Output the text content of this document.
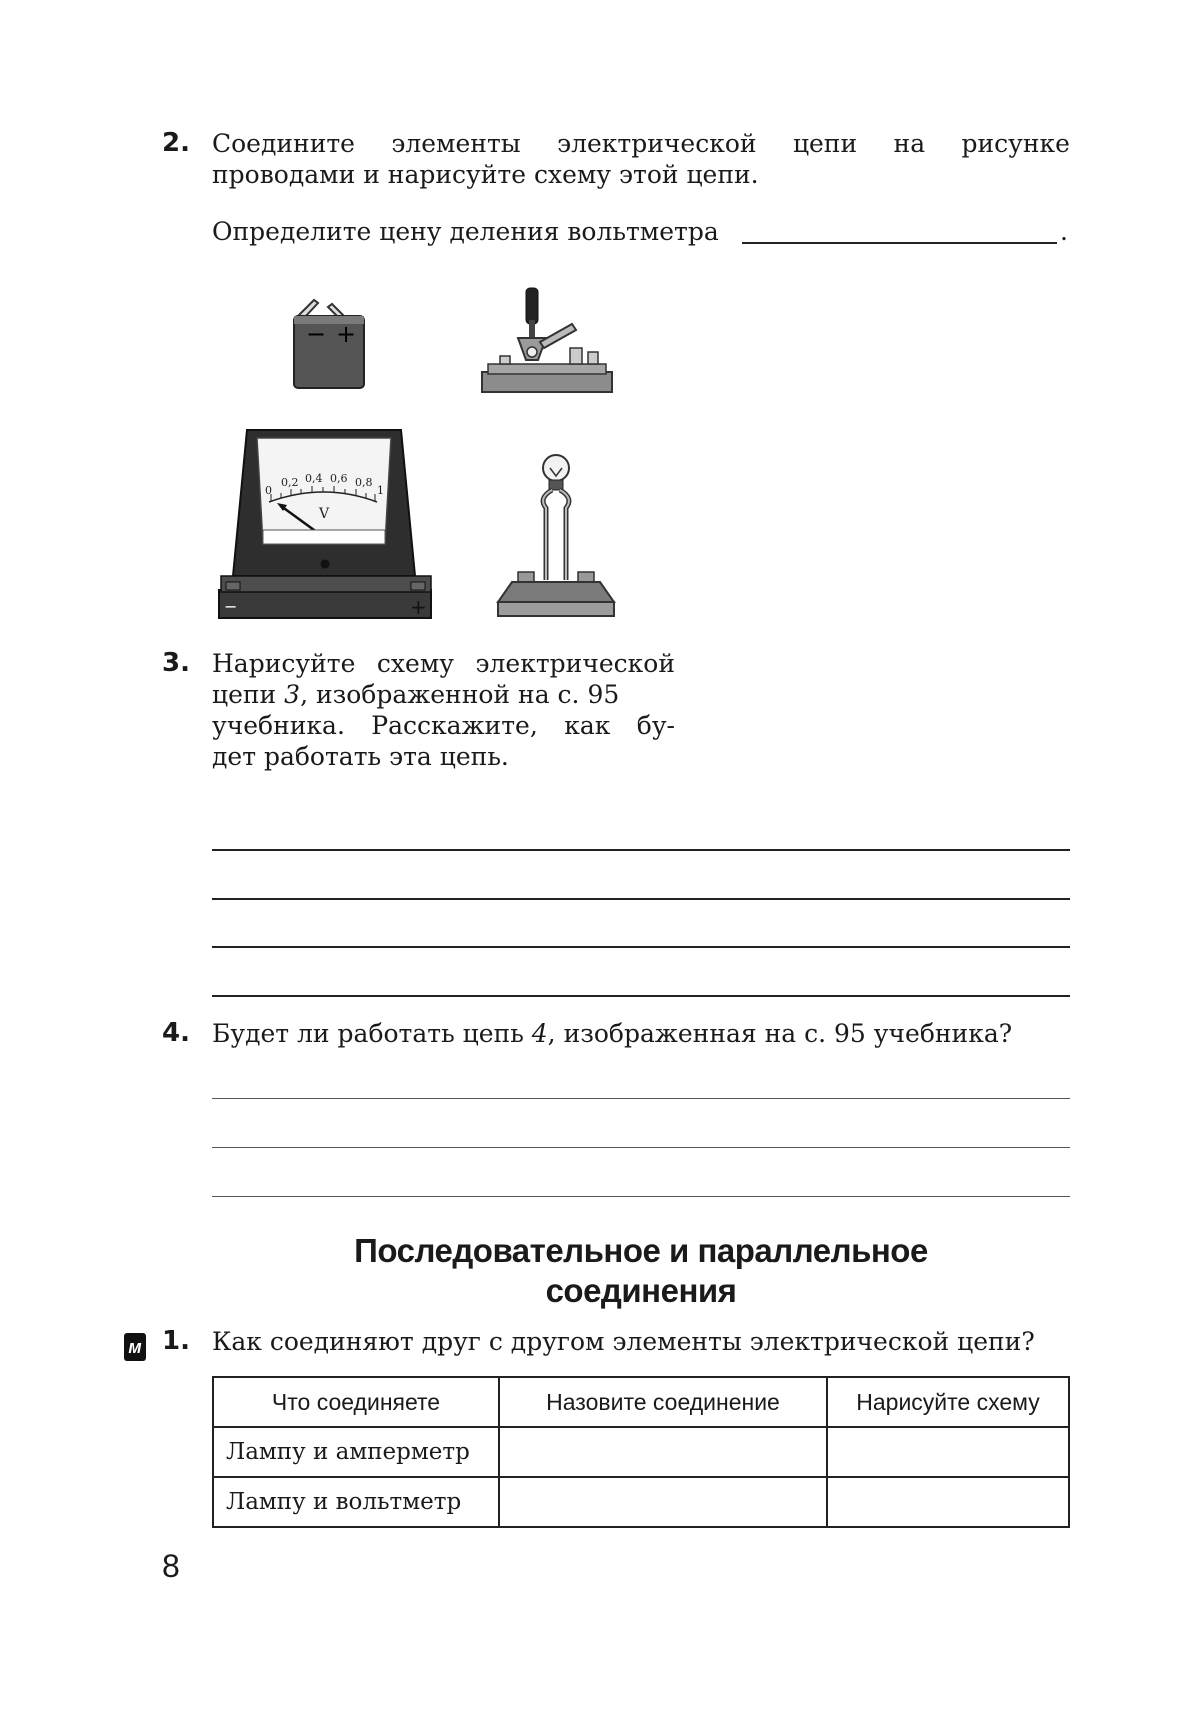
2. Соедините элементы электрической цепи на рисунке
проводами и нарисуйте схему этой цепи.
Определите цену деления вольтметра	.
− +
0
0,2 0,4 0,6 0,8
1
V
−	+
3. Нарисуйте схему электрической
цепи 3, изображенной на с. 95
учебника. Расскажите, как бу-
дет работать эта цепь.
4. Будет ли работать цепь 4, изображенная на с. 95 учебника?
Последовательное и параллельное
соединения
м 1. Как соединяют друг с другом элементы электрической цепи?
Что соединяете	Назовите соединение	Нарисуйте схему
Лампу и амперметр		
Лампу и вольтметр		
8
